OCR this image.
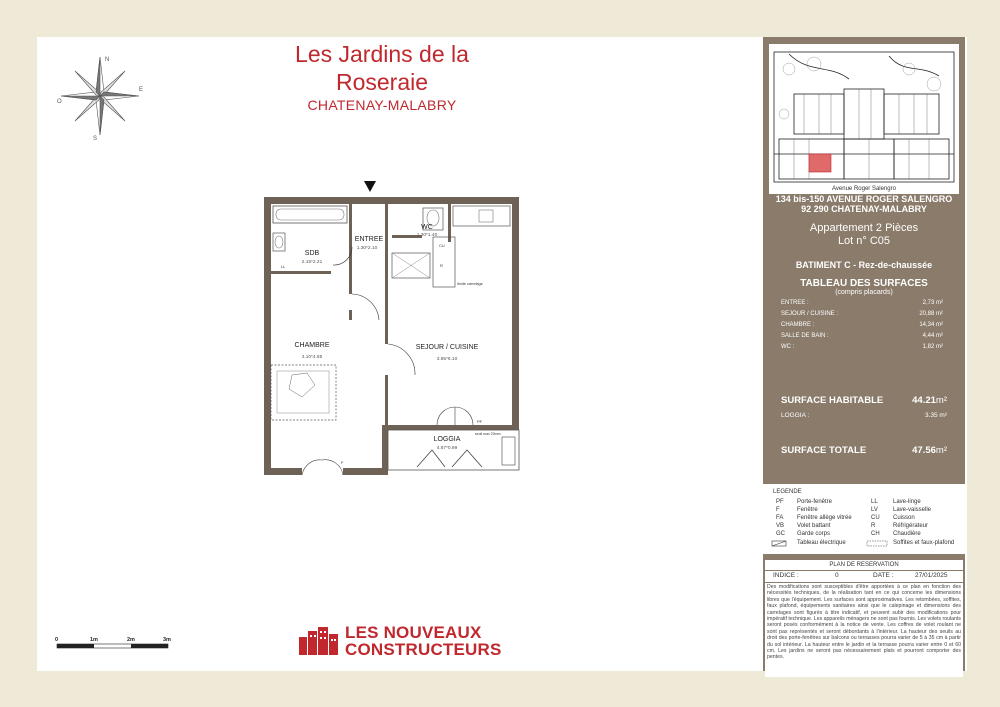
N
O
E
S
Les Jardins de la Roseraie
CHATENAY-MALABRY
LL
CU
R
limite carrelage
PF
seuil max 20mm
F
SDB
ENTREE
WC
CHAMBRE	SEJOUR / CUISINE
LOGGIA
2.15*2.21
1.30*2.10
1.30*1.40
3.10*4.85	3.85*6.10
4.67*0.99
0	1m	2m	3m	LES NOUVEAUX
CONSTRUCTEURS
Avenue Roger Salengro
134 bis-150 AVENUE ROGER SALENGRO
92 290 CHATENAY-MALABRY
Appartement 2 Pièces
Lot n° C05
BATIMENT C - Rez-de-chaussée
TABLEAU DES SURFACES
(compris placards)
ENTREE :	2,73 m²
SEJOUR / CUISINE :	20,88 m²
CHAMBRE :	14,34 m²
SALLE DE BAIN :	4,44 m²
WC :	1,82 m²
SURFACE HABITABLE	44.21m²
LOGGIA :	3.35 m²
SURFACE TOTALE	47.56m²
LEGENDE
PF Porte-fenêtre
F	Fenêtre
FA Fenêtre allège vitrée
VB Volet battant
GC Garde corps
LL	Lave-linge
LV	Lave-vaisselle
CU Cuisson
R	Réfrigérateur
CH Chaudière
Tableau électrique	Soffites et faux-plafond
PLAN DE RESERVATION
INDICE :	0	DATE :	27/01/2025
Des modifications sont susceptibles d'être apportées à ce plan en fonction des nécessités techniques, de la réalisation tant en ce qui concerne les dimensions libres que l'équipement. Les surfaces sont approximatives. Les retombées, soffites, faux plafond, équipements sanitaires ainsi que le calepinage et dimensions des carrelages sont figurés à titre indicatif, et peuvent subir des modifications pour impératif technique. Les appareils ménagers ne sont pas fournis. Les volets roulants seront posés conformément à la notice de vente. Les coffres de volet roulant ne sont pas représentés et seront débordants à l'intérieur. La hauteur des seuils au droit des porte-fenêtres sur balcons ou terrasses pourra varier de 5 à 35 cm à partir du sol intérieur. La hauteur entre le jardin et la terrasse pourra varier entre 0 et 60 cm. Les jardins ne seront pas nécessairement plats et pourront comporter des pentes.
